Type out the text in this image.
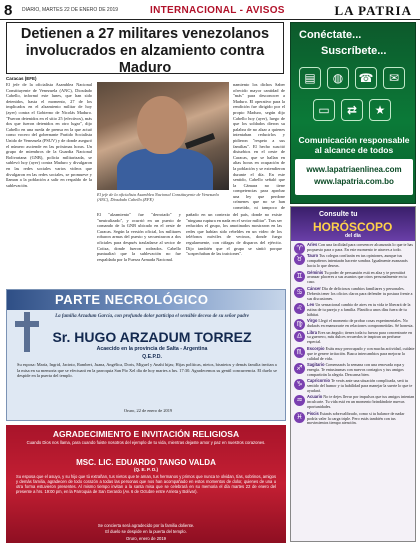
8 DIARIO, MARTES 22 DE ENERO DE 2019	INTERNACIONAL - AVISOS	LA PATRIA
Detienen a 27 militares venezolanos involucrados en alzamiento contra Maduro
Caracas (EFE)
El jefe de la oficialista Asamblea Nacional Constituyente de Venezuela (ANC), Diosdado Cabello, informó este lunes, que han sido detenidos, hasta el momento, 27 de los implicados en el alzamiento militar de hoy (ayer) contra el Gobierno de Nicolás Maduro. "Fueron detenidos en el sitio 25 (efectivos), más dos que fueron detenidos en otro lugar", dijo Cabello en una rueda de prensa en la que actuó como vocero del gobernante Partido Socialista Unido de Venezuela (PSUV) y de donde aseguró el número asciende en las próximas horas. Un grupo de miembros de la Guardia Nacional Bolivariana (GNB), policía militarizada, se sublevó hoy (ayer) contra Maduro y divulgaron en las redes sociales varios videos que divulgaron en las redes sociales, se promueve y llaman a la población a salir en respaldo de la sublevación.
El jefe de la oficialista Asamblea Nacional Constituyente de Venezuela (ANC), Diosdado Cabello.(EFE)
namiento los dichos Saber ofrecido mayor cantidad de "más" para desconocer a Maduro. El operativo para la rendición fue dirigido por el propio Maduro, según dijo Cabello hoy (ayer), luego de que los soldados dieron su palabra de no alzar a quienes intentaban reducirlos y pidieron "respeto a sus familias". El hecho suscitó disturbios en el oeste de Caracas, que se hallan en altas horas en ocupación de la población y se extendieron durante el día. En este sentido, Cabello señaló que la Cámara no tiene competencias para aprobar una ley que perdone crímenes que no se han cometido, ni tampoco de
El "alzamiento" fue "derrotado" y "neutralizado", y ocurrió en un puesto de comando de la GNB ubicado en el oeste de Caracas. Según la versión oficial, los militares robaron armas del puesto y secuestraron a dos oficiales para después trasladarse al sector de Cotiza, donde fueron rodeados. Cabello puntualizó que la sublevación no fue respaldada por la Fuerza Armada Nacional.
pañado en un contexto del país, donde no existe "ninguna ruptura en nada en el sector militar". Tras ser reducidos el grupo, los amotinados mostraron en las redes que habían sido rebeldes en un video de los teléfonos móviles de vecinos, donde fuego regularmente, con ráfagas de disparos del ejército. Dijo también que el grupo se sintió porque "sospechaban de las traiciones".
Conéctate...
Suscríbete...
▤	◍	☎	✉
▭	⇄	★
Comunicación responsable al alcance de todos
www.lapatriaenlinea.com
www.lapatria.com.bo
Consulte tu
HORÓSCOPO
del día
♈	Aries Con una facilidad para convencer alcanzarás lo que te has propuesto para o para. En este momento te atraves a todo.
♉	Tauro Tus colegas confiarán en tus opiniones, aunque tus compañeros intentarán hacerte sombra. Igualmente avanzarás hacia lo que deseas.
♊	Géminis Tu poder de persuasión está en alza y te permitirá avanzar placeres a sus asuntos que otros personalmente en tu caso.
♋	Cáncer Día de deliciosos cambios familiares y personales. Deberás tener los oficios claros para defender tu postura frente a sus discusiones.
♌	Leo Un sensacional cambio de aires en tu vida te liberará de la rutina de tu pareja y a familia. Planifica unos días fuera de tu hábitat.
♍	Virgo Llegó el momento de probar cosas experimentales. No dudarás en enamorarte en relaciones comprometidas. Sé honesta.
♎	Libra Eres un ángulo; tienes toda tu fuerza para concentrarte en su guerrero, más dulces recuerdos te inspiran un perfume especial.
♏	Escorpio Estás muy preocupado y con mucha actividad, cuídate que te genere irritación. Busca intercambios para mejorar la calidad de vida.
♐	Sagitario Comenzarás la semana con una renovada ropa y energía. Te entusiasmas con nuevos contagios y tus amigos compartirán la alegría. Descansa bien.
♑	Capricornio Te verás ante una situación complicada, será tu sentido del humor y tu habilidad para manejar la suerte lo que te ayudará.
♒	Acuario No te dejes llevar por impulsos que tus amigos intentan inculcarte. Tu vida está en un momento brindándote nuevas oportunidades.
♓	Piscis Estarás sobrecalibrado, como si tu balance de nadar podría valer la carga triple. Pero estás también con tus movimientos tiempo atención.
PARTE NECROLÓGICO
La familia Arzadum García, con profundo dolor participa el sensible deceso de su señor padre
Sr. HUGO ARZADUM TORREZ
Acaecido en la provincia de Salta - Argentina
Q.E.P.D.
Su esposa: María, Ingrid, Jacinto, Rambert, Juana, Angélica, Doris, Miguel y Anahí hijas; Hijas políticas, nietos, bisnietos y demás familia invitan a la misa en su memoria que se efectuará en la parroquia San Pío Xel día de hoy martes a hrs. 17:30. Agradecemos su gentil concurrencia. El duelo se despide en la puerta del templo.
Oruro, 22 de enero de 2019
AGRADECIMIENTO E INVITACIÓN RELIGIOSA
Cuando Dios nos llama, para cuando fuiste nosotros del ejemplo de tu vida, mientras dejaste amor y paz en nuestros corazones.
MSC. LIC. EDUARDO TANGO VALDA
(Q. E. P. D.)
Su esposa que el asuyo, y su hijo que tú extrañan, tus nietos que te aman, tus hermanos y primos que nunca te olvidan, tías, sobrinos, amigos y demás familia, agradecen de todo corazón a todas las personas que nos han acompañado en estos momentos de dolor, quienes de una u otra forma estuvieron presentes. Al mismo tiempo invitan a la santa misa que se celebrará en su memoria el día martes 22 de enero del presente a hrs. 19:00 pm, en la Parroquia de San Gerardo (Av. 6 de Octubre entre Arrieta y Bolívar).
Se concierta será agradecido por la familia doliente.
El duelo se despide en la puerta del templo.
Oruro, enero de 2019
